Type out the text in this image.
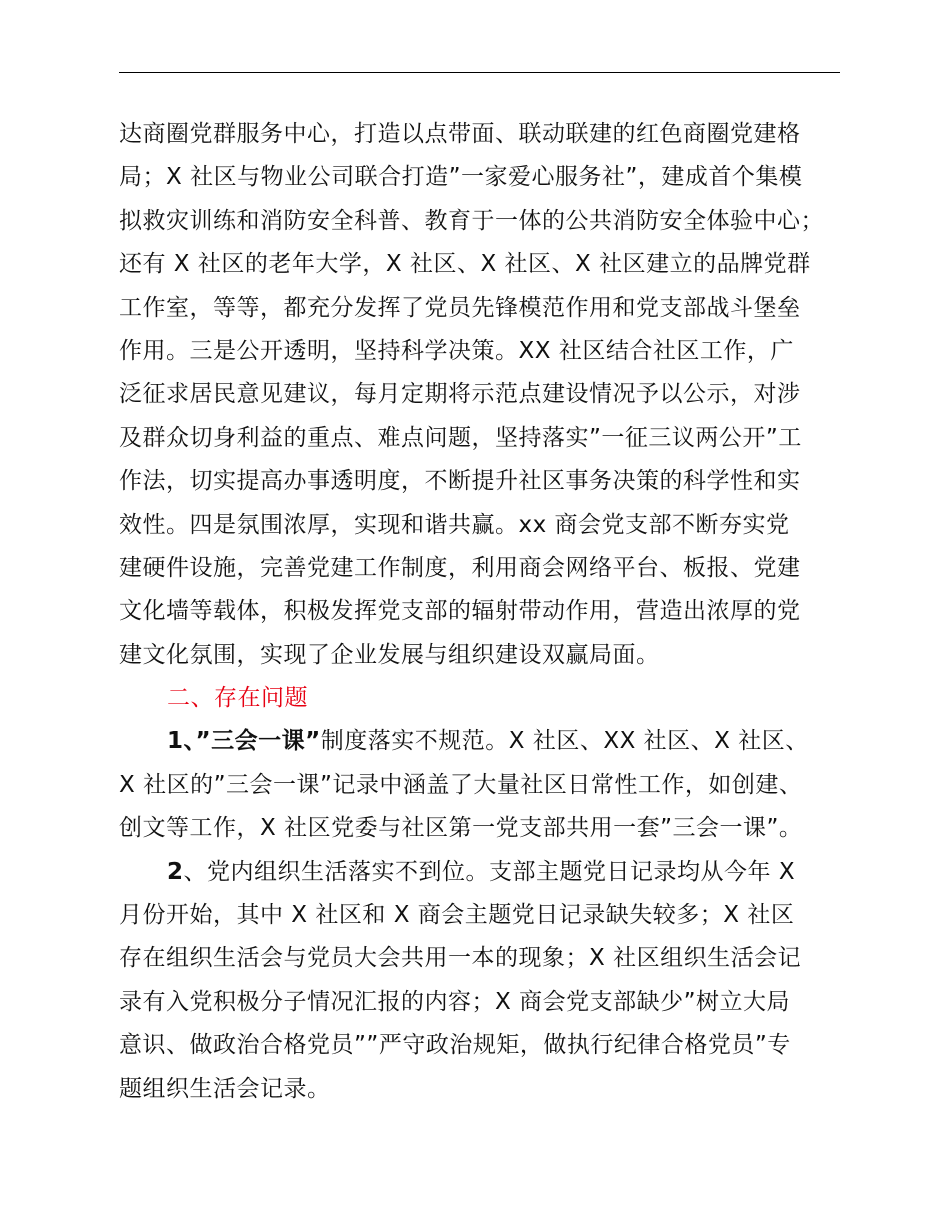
达商圈党群服务中心，打造以点带面、联动联建的红色商圈党建格
局；X 社区与物业公司联合打造”一家爱心服务社”，建成首个集模
拟救灾训练和消防安全科普、教育于一体的公共消防安全体验中心；
还有 X 社区的老年大学，X 社区、X 社区、X 社区建立的品牌党群
工作室，等等，都充分发挥了党员先锋模范作用和党支部战斗堡垒
作用。三是公开透明，坚持科学决策。XX 社区结合社区工作，广
泛征求居民意见建议，每月定期将示范点建设情况予以公示，对涉
及群众切身利益的重点、难点问题，坚持落实”一征三议两公开”工
作法，切实提高办事透明度，不断提升社区事务决策的科学性和实
效性。四是氛围浓厚，实现和谐共赢。xx 商会党支部不断夯实党
建硬件设施，完善党建工作制度，利用商会网络平台、板报、党建
文化墙等载体，积极发挥党支部的辐射带动作用，营造出浓厚的党
建文化氛围，实现了企业发展与组织建设双赢局面。
二、存在问题
1、”三会一课”制度落实不规范。X 社区、XX 社区、X 社区、
X 社区的”三会一课”记录中涵盖了大量社区日常性工作，如创建、
创文等工作，X 社区党委与社区第一党支部共用一套”三会一课”。
2、党内组织生活落实不到位。支部主题党日记录均从今年 X
月份开始，其中 X 社区和 X 商会主题党日记录缺失较多；X 社区
存在组织生活会与党员大会共用一本的现象；X 社区组织生活会记
录有入党积极分子情况汇报的内容；X 商会党支部缺少”树立大局
意识、做政治合格党员””严守政治规矩，做执行纪律合格党员”专
题组织生活会记录。
